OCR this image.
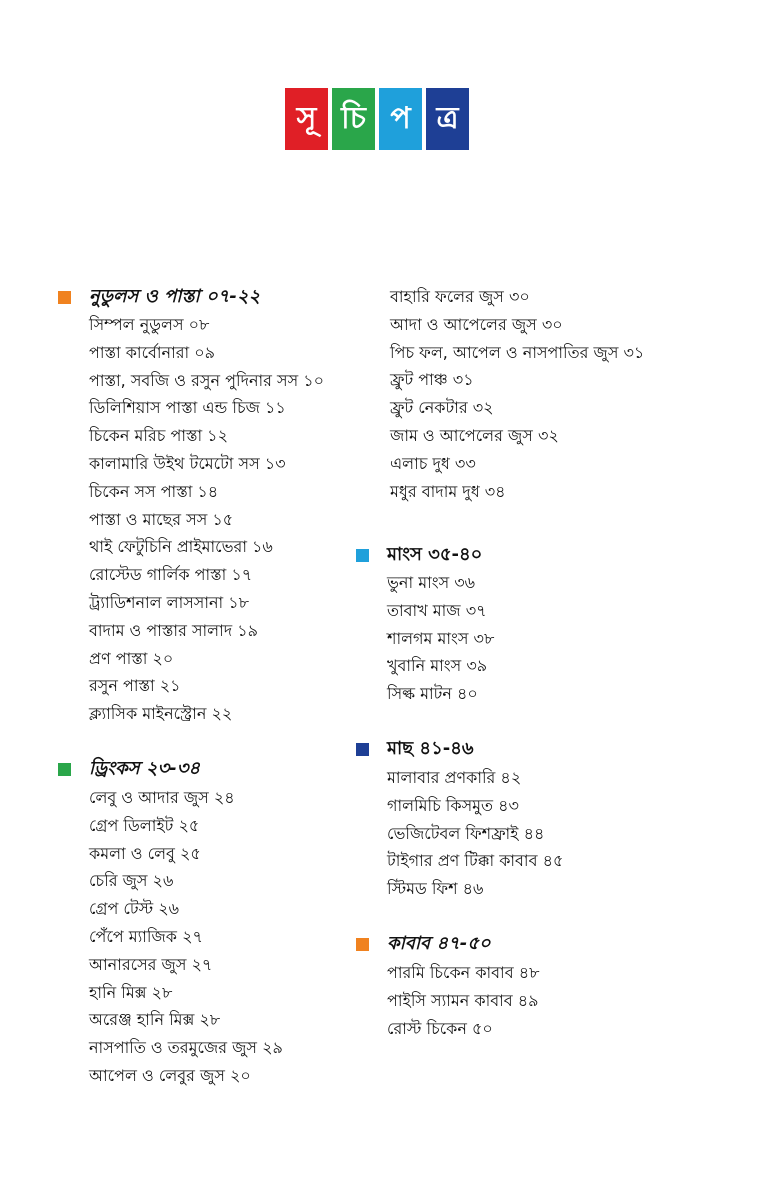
সূ চি প ত্র
নুডুলস ও পাস্তা ০৭-২২
সিম্পল নুডুলস ০৮
পাস্তা কার্বোনারা ০৯
পাস্তা, সবজি ও রসুন পুদিনার সস ১০
ডিলিশিয়াস পাস্তা এন্ড চিজ ১১
চিকেন মরিচ পাস্তা ১২
কালামারি উইথ টমেটো সস ১৩
চিকেন সস পাস্তা ১৪
পাস্তা ও মাছের সস ১৫
থাই ফেটুচিনি প্রাইমাভেরা ১৬
রোস্টেড গার্লিক পাস্তা ১৭
ট্র্যাডিশনাল লাসসানা ১৮
বাদাম ও পাস্তার সালাদ ১৯
প্রণ পাস্তা ২০
রসুন পাস্তা ২১
ক্ল্যাসিক মাইনস্ট্রোন ২২
ড্রিংকস ২৩-৩৪
লেবু ও আদার জুস ২৪
গ্রেপ ডিলাইট ২৫
কমলা ও লেবু ২৫
চেরি জুস ২৬
গ্রেপ টেস্ট ২৬
পেঁপে ম্যাজিক ২৭
আনারসের জুস ২৭
হানি মিক্স ২৮
অরেঞ্জ হানি মিক্স ২৮
নাসপাতি ও তরমুজের জুস ২৯
আপেল ও লেবুর জুস ২০
বাহারি ফলের জুস ৩০
আদা ও আপেলের জুস ৩০
পিচ ফল, আপেল ও নাসপাতির জুস ৩১
ফ্রুট পাঞ্চ ৩১
ফ্রুট নেকটার ৩২
জাম ও আপেলের জুস ৩২
এলাচ দুধ ৩৩
মধুর বাদাম দুধ ৩৪
মাংস ৩৫-৪০
ভুনা মাংস ৩৬
তাবাখ মাজ ৩৭
শালগম মাংস ৩৮
খুবানি মাংস ৩৯
সিল্ক মাটন ৪০
মাছ ৪১-৪৬
মালাবার প্রণকারি ৪২
গালমিচি কিসমুত ৪৩
ভেজিটেবল ফিশফ্রাই ৪৪
টাইগার প্রণ টিক্কা কাবাব ৪৫
স্টিমড ফিশ ৪৬
কাবাব ৪৭-৫০
পারমি চিকেন কাবাব ৪৮
পাইসি স্যামন কাবাব ৪৯
রোস্ট চিকেন ৫০
